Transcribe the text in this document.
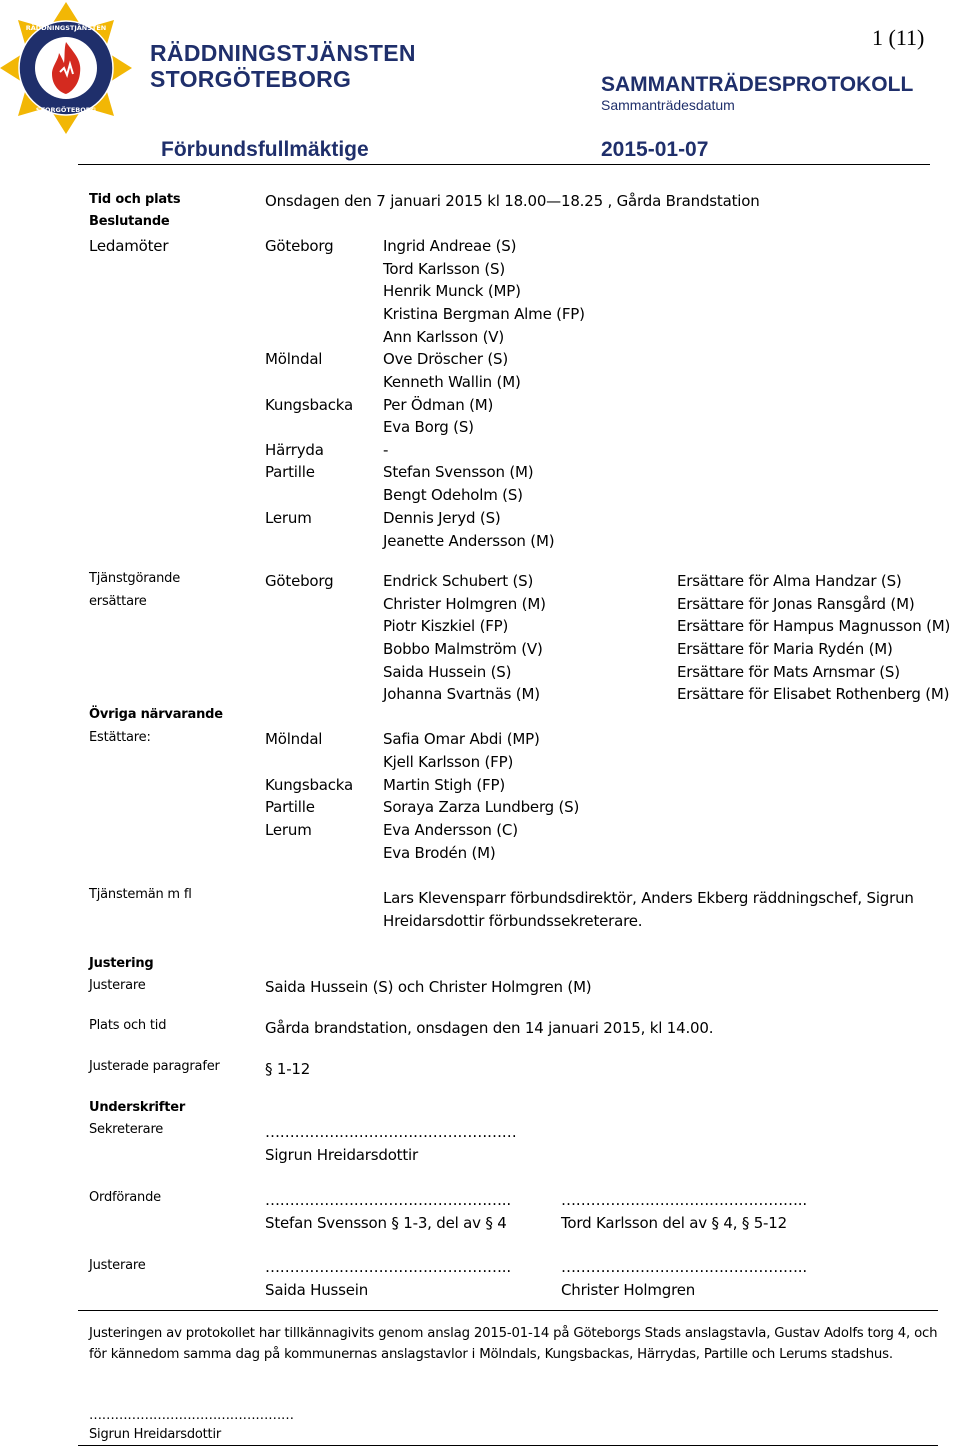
1 (11)
RÄDDNINGSTJÄNSTEN
STORGÖTEBORG
RÄDDNINGSTJÄNSTEN
STORGÖTEBORG	SAMMANTRÄDESPROTOKOLL
Sammanträdesdatum
Förbundsfullmäktige	2015-01-07
Tid och plats	Onsdagen den 7 januari 2015 kl 18.00—18.25 , Gårda Brandstation
Beslutande
Ledamöter	Göteborg	Ingrid Andreae (S)
Tord Karlsson (S)
Henrik Munck (MP)
Kristina Bergman Alme (FP)
Ann Karlsson (V)
Mölndal	Ove Dröscher (S)
Kenneth Wallin (M)
Kungsbacka Per Ödman (M)
Eva Borg (S)
Härryda	-
Partille	Stefan Svensson (M)
Bengt Odeholm (S)
Lerum	Dennis Jeryd (S)
Jeanette Andersson (M)
Tjänstgörande
ersättare
Göteborg	Endrick Schubert (S)	Ersättare för Alma Handzar (S)
Christer Holmgren (M)	Ersättare för Jonas Ransgård (M)
Piotr Kiszkiel (FP)	Ersättare för Hampus Magnusson (M)
Bobbo Malmström (V)	Ersättare för Maria Rydén (M)
Saida Hussein (S)	Ersättare för Mats Arnsmar (S)
Johanna Svartnäs (M)	Ersättare för Elisabet Rothenberg (M)
Övriga närvarande
Estättare:	Mölndal	Safia Omar Abdi (MP)
Kjell Karlsson (FP)
Kungsbacka Martin Stigh (FP)
Partille	Soraya Zarza Lundberg (S)
Lerum	Eva Andersson (C)
Eva Brodén (M)
Tjänstemän m fl	Lars Klevensparr förbundsdirektör, Anders Ekberg räddningschef, Sigrun Hreidarsdottir förbundssekreterare.
Justering
Justerare	Saida Hussein (S) och Christer Holmgren (M)
Plats och tid	Gårda brandstation, onsdagen den 14 januari 2015, kl 14.00.
Justerade paragrafer	§ 1-12
Underskrifter
Sekreterare	……………………………………………
Sigrun Hreidarsdottir
Ordförande	…………………………………………..	…………………………………………..
Stefan Svensson § 1-3, del av § 4	Tord Karlsson del av § 4, § 5-12
Justerare	…………………………………………..	…………………………………………..
Saida Hussein	Christer Holmgren
Justeringen av protokollet har tillkännagivits genom anslag 2015-01-14 på Göteborgs Stads anslagstavla, Gustav Adolfs torg 4, och för kännedom samma dag på kommunernas anslagstavlor i Mölndals, Kungsbackas, Härrydas, Partille och Lerums stadshus.
…………………………………………
Sigrun Hreidarsdottir
